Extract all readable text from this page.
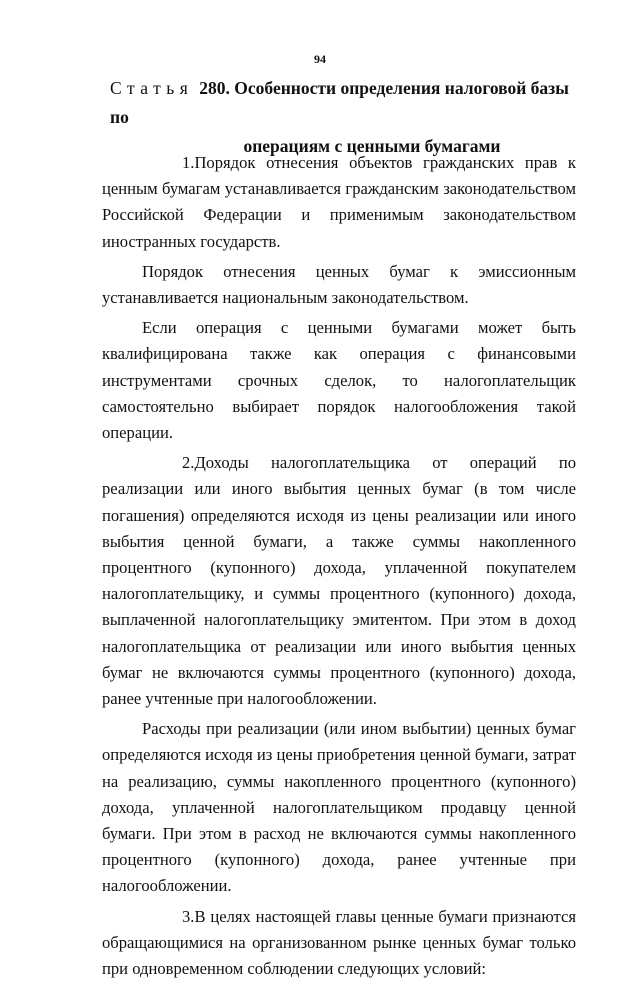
94
Статья 280. Особенности определения налоговой базы по
операциям с ценными бумагами

1.Порядок отнесения объектов гражданских прав к ценным бумагам устанавливается гражданским законодательством Российской Федерации и применимым законодательством иностранных государств.

Порядок отнесения ценных бумаг к эмиссионным устанавливается национальным законодательством.

Если операция с ценными бумагами может быть квалифицирована также как операция с финансовыми инструментами срочных сделок, то налогоплательщик самостоятельно выбирает порядок налогообложения такой операции.

2.Доходы налогоплательщика от операций по реализации или иного выбытия ценных бумаг (в том числе погашения) определяются исходя из цены реализации или иного выбытия ценной бумаги, а также суммы накопленного процентного (купонного) дохода, уплаченной покупателем налогоплательщику, и суммы процентного (купонного) дохода, выплаченной налогоплательщику эмитентом. При этом в доход налогоплательщика от реализации или иного выбытия ценных бумаг не включаются суммы процентного (купонного) дохода, ранее учтенные при налогообложении.

Расходы при реализации (или ином выбытии) ценных бумаг определяются исходя из цены приобретения ценной бумаги, затрат на реализацию, суммы накопленного процентного (купонного) дохода, уплаченной налогоплательщиком продавцу ценной бумаги. При этом в расход не включаются суммы накопленного процентного (купонного) дохода, ранее учтенные при налогообложении.

3.В целях настоящей главы ценные бумаги признаются обращающимися на организованном рынке ценных бумаг только при одновременном соблюдении следующих условий:
